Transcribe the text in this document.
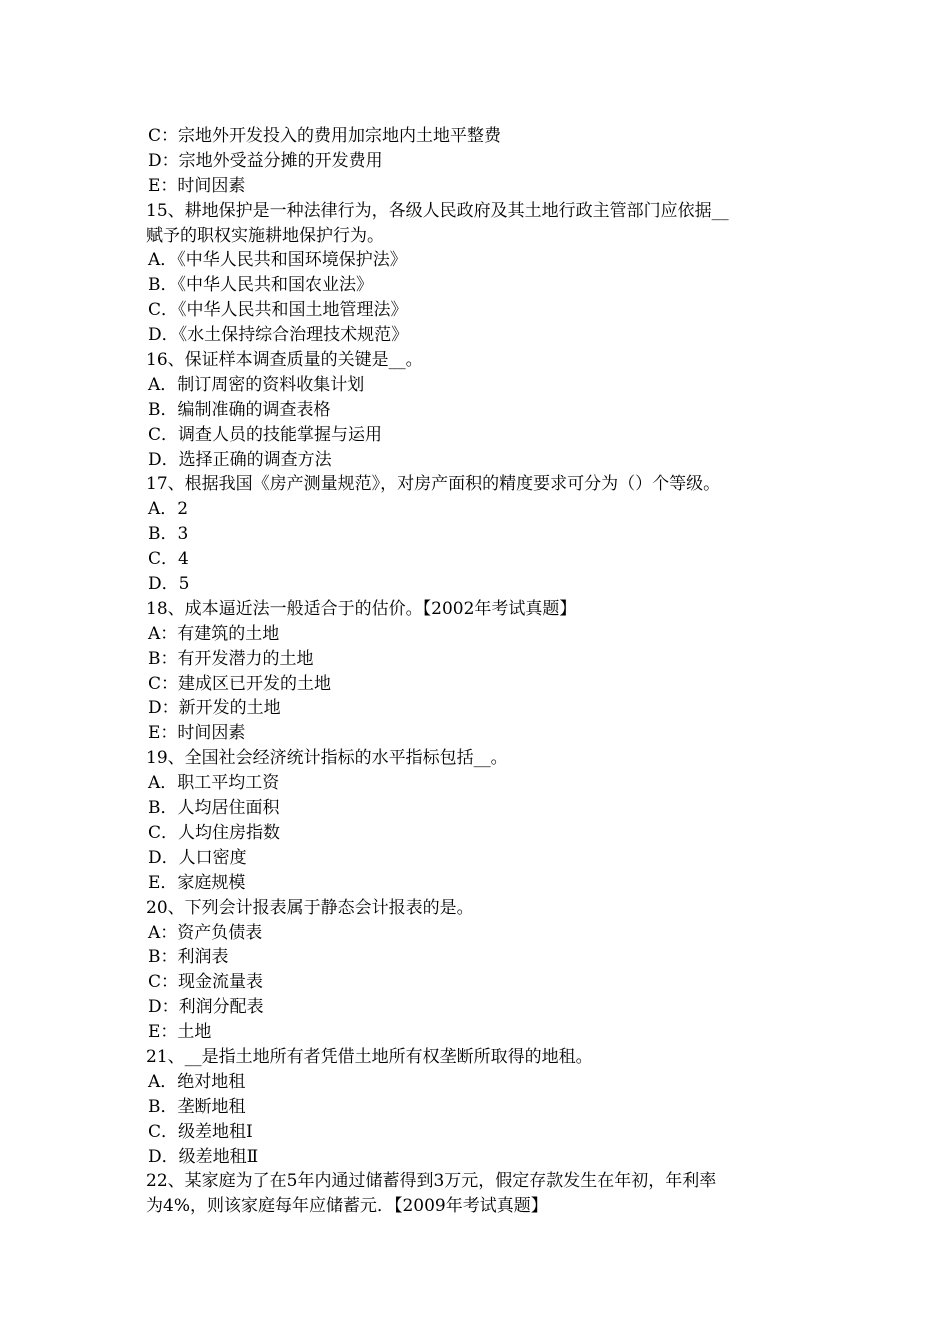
C：宗地外开发投入的费用加宗地内土地平整费
D：宗地外受益分摊的开发费用
E：时间因素
15、耕地保护是一种法律行为，各级人民政府及其土地行政主管部门应依据__
赋予的职权实施耕地保护行为。
A．《中华人民共和国环境保护法》
B．《中华人民共和国农业法》
C．《中华人民共和国土地管理法》
D．《水土保持综合治理技术规范》
16、保证样本调查质量的关键是__。
A．制订周密的资料收集计划
B．编制准确的调查表格
C．调查人员的技能掌握与运用
D．选择正确的调查方法
17、根据我国《房产测量规范》，对房产面积的精度要求可分为（）个等级。
A．2
B．3
C．4
D．5
18、成本逼近法一般适合于的估价。【2002年考试真题】
A：有建筑的土地
B：有开发潜力的土地
C：建成区已开发的土地
D：新开发的土地
E：时间因素
19、全国社会经济统计指标的水平指标包括__。
A．职工平均工资
B．人均居住面积
C．人均住房指数
D．人口密度
E．家庭规模
20、下列会计报表属于静态会计报表的是。
A：资产负债表
B：利润表
C：现金流量表
D：利润分配表
E：土地
21、__是指土地所有者凭借土地所有权垄断所取得的地租。
A．绝对地租
B．垄断地租
C．级差地租Ⅰ
D．级差地租Ⅱ
22、某家庭为了在5年内通过储蓄得到3万元，假定存款发生在年初，年利率
为4%，则该家庭每年应储蓄元．【2009年考试真题】
